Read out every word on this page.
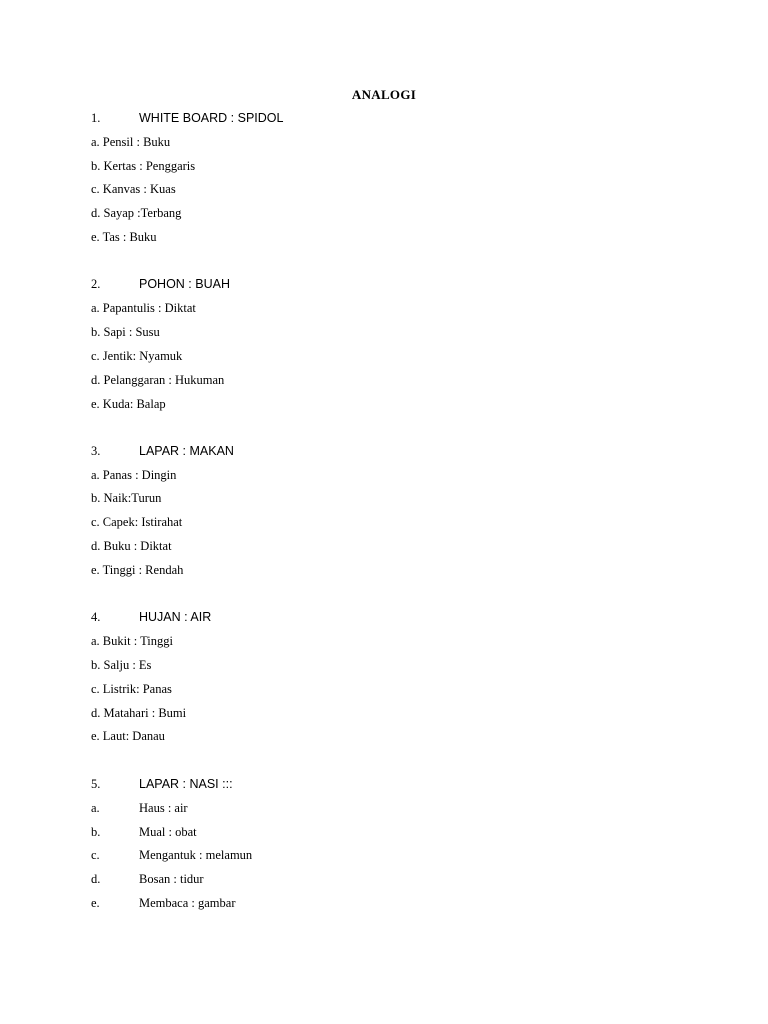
ANALOGI
1.	WHITE BOARD : SPIDOL
a. Pensil : Buku
b. Kertas : Penggaris
c. Kanvas : Kuas
d. Sayap :Terbang
e. Tas : Buku
2.	POHON : BUAH
a. Papantulis : Diktat
b. Sapi : Susu
c. Jentik: Nyamuk
d. Pelanggaran : Hukuman
e. Kuda: Balap
3.	LAPAR : MAKAN
a. Panas : Dingin
b. Naik:Turun
c. Capek: Istirahat
d. Buku : Diktat
e. Tinggi : Rendah
4.	HUJAN : AIR
a. Bukit : Tinggi
b. Salju : Es
c. Listrik: Panas
d. Matahari : Bumi
e. Laut: Danau
5.	LAPAR : NASI :::
a.	Haus : air
b.	Mual : obat
c.	Mengantuk : melamun
d.	Bosan : tidur
e.	Membaca : gambar
